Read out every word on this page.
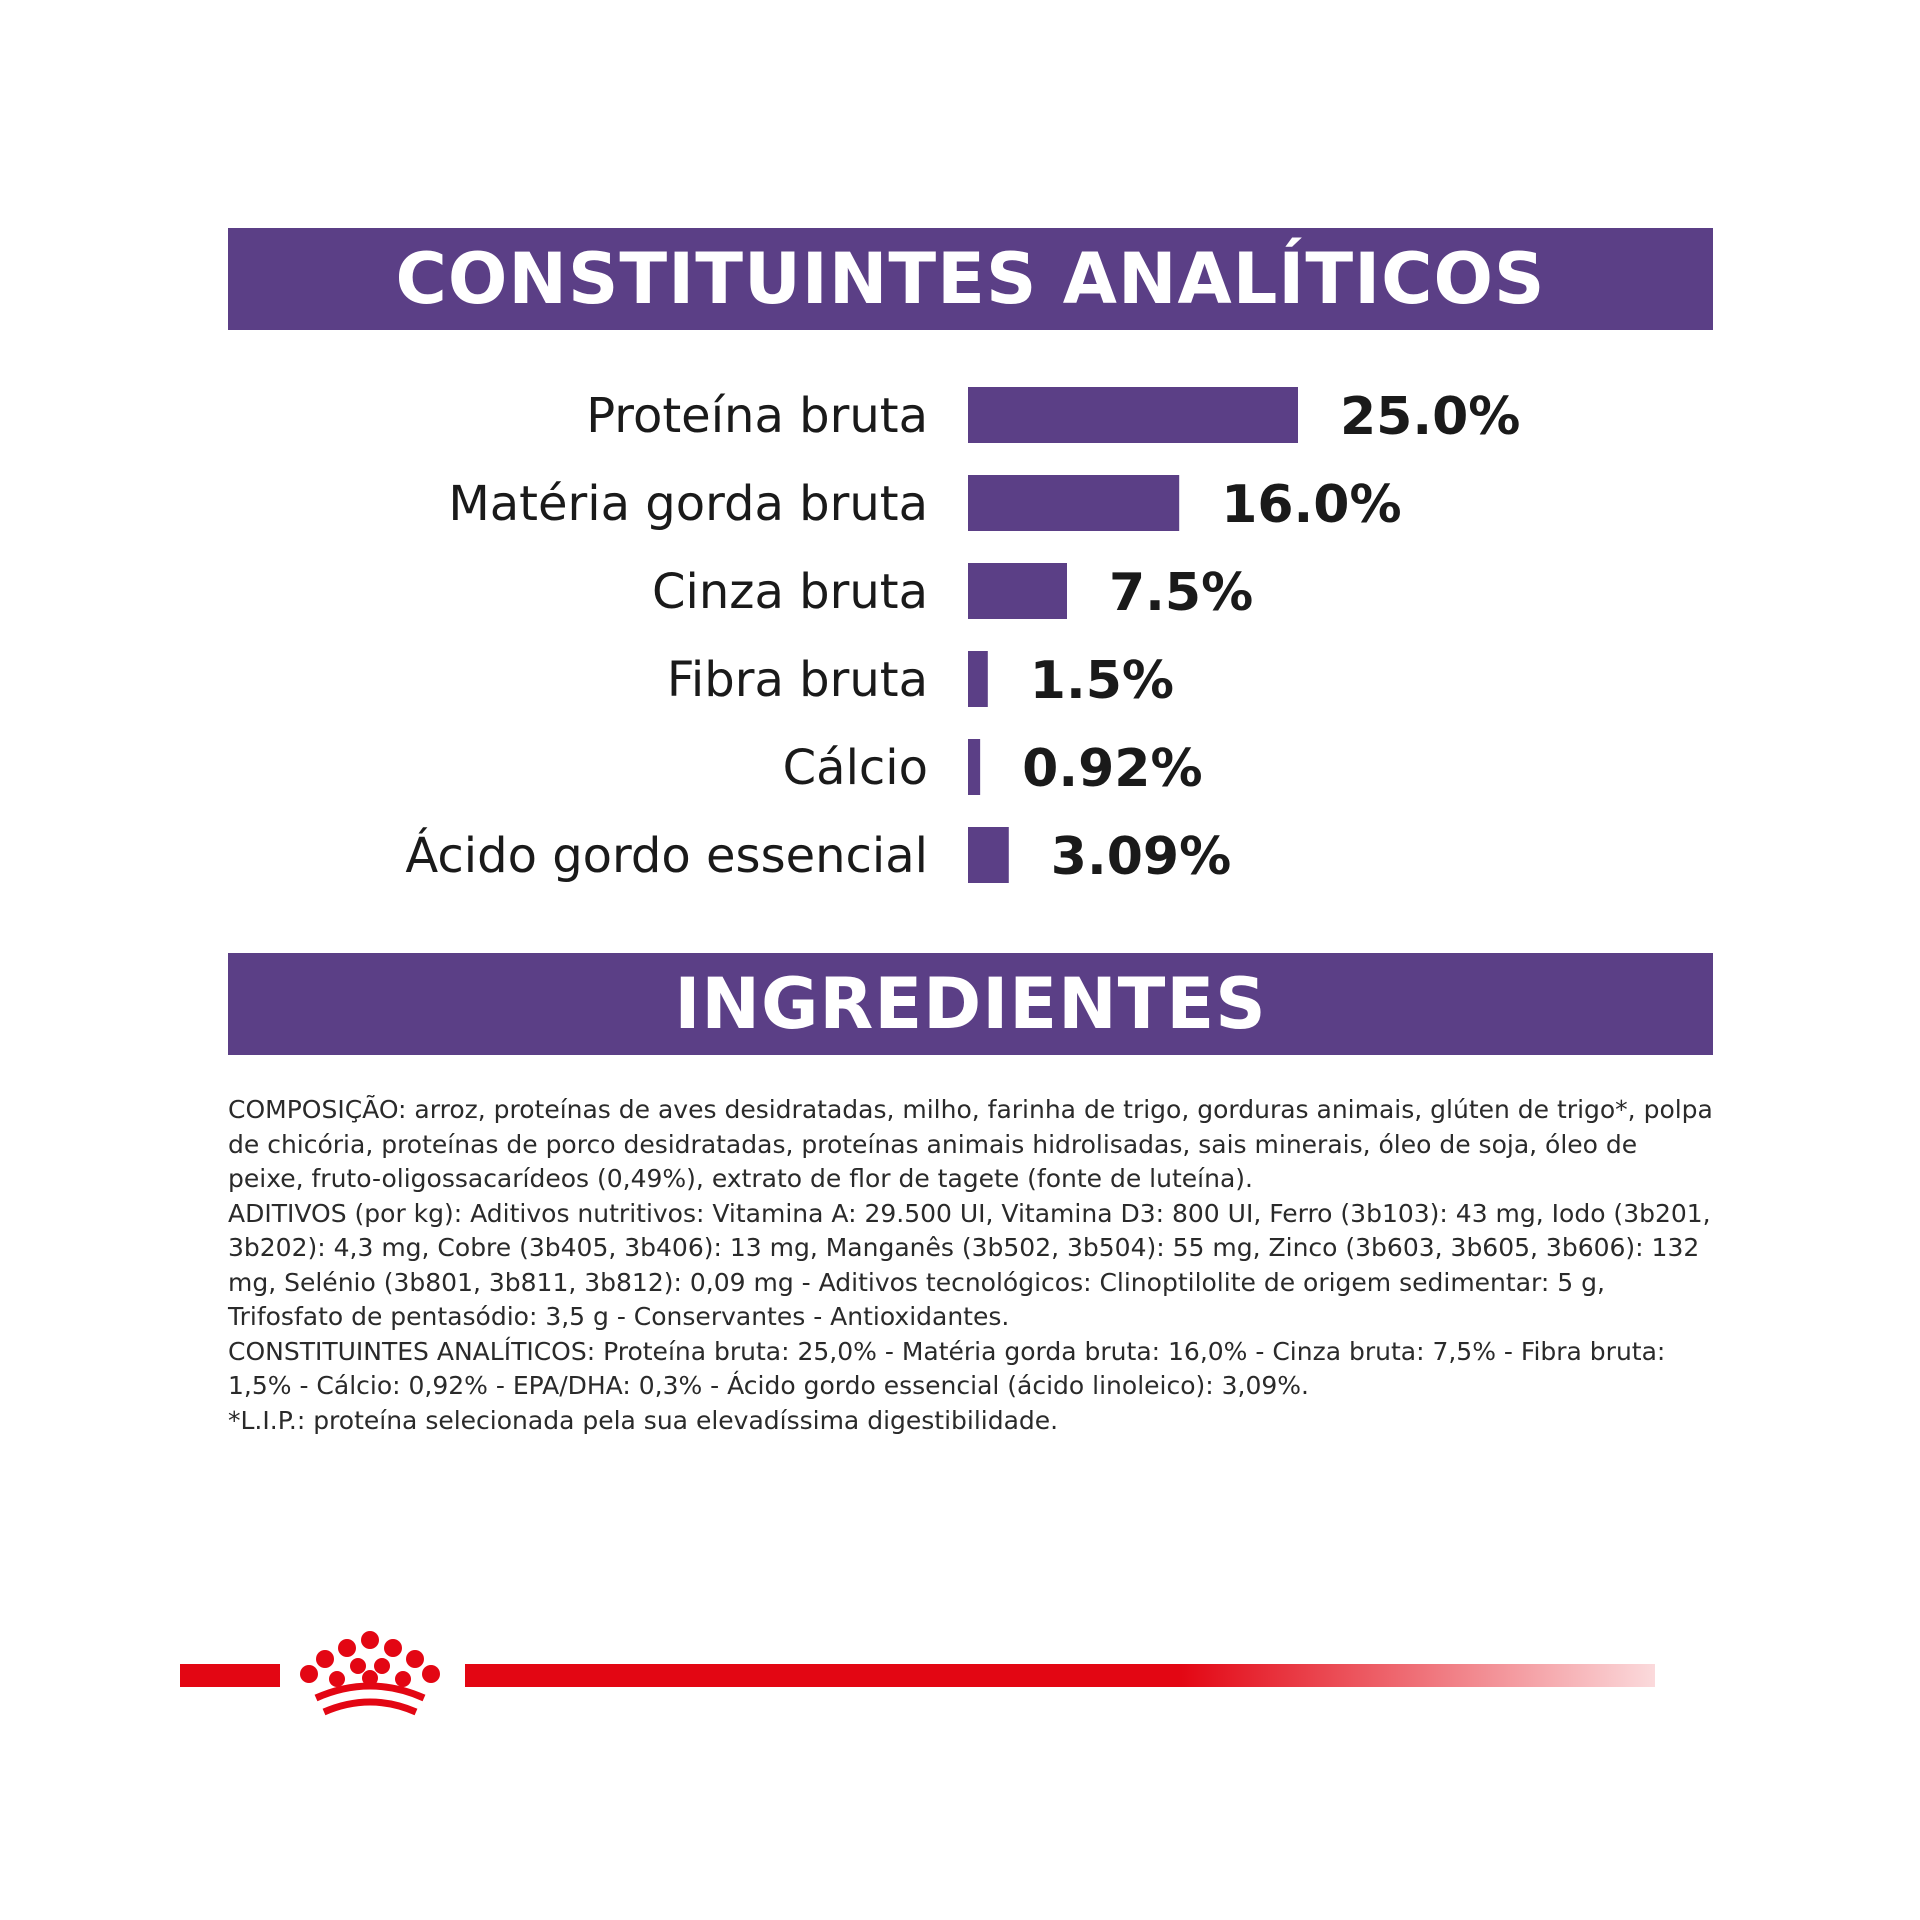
CONSTITUINTES ANALÍTICOS
Proteína bruta	25.0%
Matéria gorda bruta	16.0%
Cinza bruta	7.5%
Fibra bruta 1.5%
Cálcio 0.92%
Ácido gordo essencial 3.09%
INGREDIENTES

COMPOSIÇÃO: arroz, proteínas de aves desidratadas, milho, farinha de trigo, gorduras animais, glúten de trigo*, polpa de chicória, proteínas de porco desidratadas, proteínas animais hidrolisadas, sais minerais, óleo de soja, óleo de peixe, fruto-oligossacarídeos (0,49%), extrato de flor de tagete (fonte de luteína).

ADITIVOS (por kg): Aditivos nutritivos: Vitamina A: 29.500 UI, Vitamina D3: 800 UI, Ferro (3b103): 43 mg, Iodo (3b201, 3b202): 4,3 mg, Cobre (3b405, 3b406): 13 mg, Manganês (3b502, 3b504): 55 mg, Zinco (3b603, 3b605, 3b606): 132 mg, Selénio (3b801, 3b811, 3b812): 0,09 mg - Aditivos tecnológicos: Clinoptilolite de origem sedimentar: 5 g, Trifosfato de pentasódio: 3,5 g - Conservantes - Antioxidantes.

CONSTITUINTES ANALÍTICOS: Proteína bruta: 25,0% - Matéria gorda bruta: 16,0% - Cinza bruta: 7,5% - Fibra bruta: 1,5% - Cálcio: 0,92% - EPA/DHA: 0,3% - Ácido gordo essencial (ácido linoleico): 3,09%.

*L.I.P.: proteína selecionada pela sua elevadíssima digestibilidade.
